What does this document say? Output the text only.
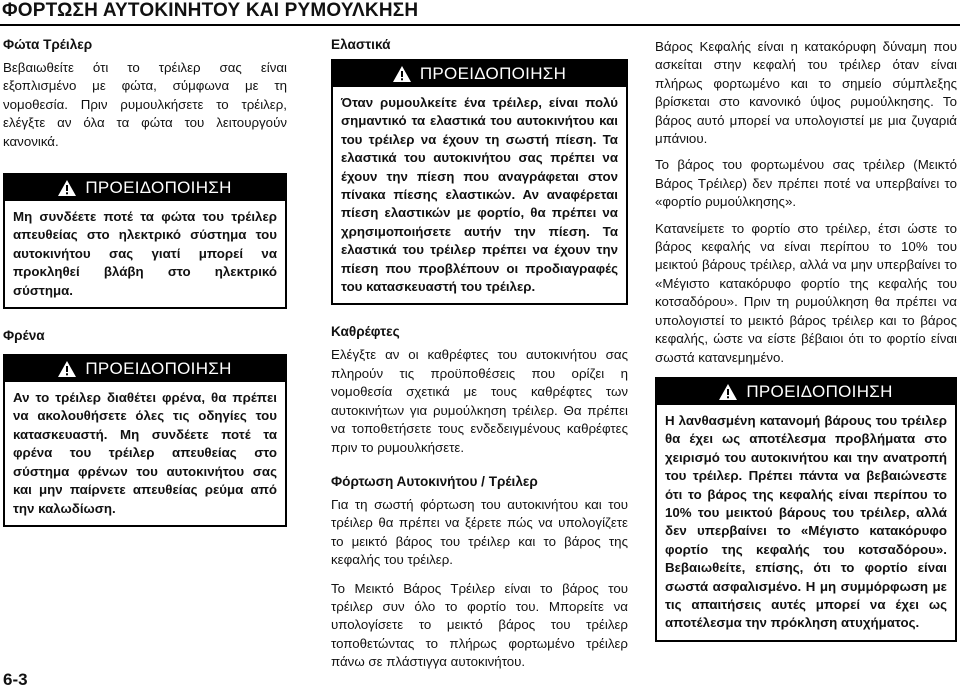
ΦΟΡΤΩΣΗ ΑΥΤΟΚΙΝΗΤΟΥ ΚΑΙ ΡΥΜΟΥΛΚΗΣΗ
Φώτα Τρέιλερ

Βεβαιωθείτε ότι το τρέιλερ σας είναι εξοπλισμένο με φώτα, σύμφωνα με τη νομοθεσία. Πριν ρυμουλκήσετε το τρέιλερ, ελέγξτε αν όλα τα φώτα του λειτουργούν κανονικά.

ΠΡΟΕΙΔΟΠΟΙΗΣΗ

Μη συνδέετε ποτέ τα φώτα του τρέιλερ απευθείας στο ηλεκτρικό σύστημα του αυτοκινήτου σας γιατί μπορεί να προκληθεί βλάβη στο ηλεκτρικό σύστημα.

Φρένα
ΠΡΟΕΙΔΟΠΟΙΗΣΗ

Αν το τρέιλερ διαθέτει φρένα, θα πρέπει να ακολουθήσετε όλες τις οδηγίες του κατασκευαστή. Μη συνδέετε ποτέ τα φρένα του τρέιλερ απευθείας στο σύστημα φρένων του αυτοκινήτου σας και μην παίρνετε απευθείας ρεύμα από την καλωδίωση.

Ελαστικά
ΠΡΟΕΙΔΟΠΟΙΗΣΗ

Όταν ρυμουλκείτε ένα τρέιλερ, είναι πολύ σημαντικό τα ελαστικά του αυτοκινήτου και του τρέιλερ να έχουν τη σωστή πίεση. Τα ελαστικά του αυτοκινήτου σας πρέπει να έχουν την πίεση που αναγράφεται στον πίνακα πίεσης ελαστικών. Αν αναφέρεται πίεση ελαστικών με φορτίο, θα πρέπει να χρησιμοποιήσετε αυτήν την πίεση. Τα ελαστικά του τρέιλερ πρέπει να έχουν την πίεση που προβλέπουν οι προδιαγραφές του κατασκευαστή του τρέιλερ.

Καθρέφτες

Ελέγξτε αν οι καθρέφτες του αυτοκινήτου σας πληρούν τις προϋποθέσεις που ορίζει η νομοθεσία σχετικά με τους καθρέφτες των αυτοκινήτων για ρυμούλκηση τρέιλερ. Θα πρέπει να τοποθετήσετε τους ενδεδειγμένους καθρέφτες πριν το ρυμουλκήσετε.

Φόρτωση Αυτοκινήτου / Τρέιλερ

Για τη σωστή φόρτωση του αυτοκινήτου και του τρέιλερ θα πρέπει να ξέρετε πώς να υπολογίζετε το μεικτό βάρος του τρέιλερ και το βάρος της κεφαλής του τρέιλερ.

Το Μεικτό Βάρος Τρέιλερ είναι το βάρος του τρέιλερ συν όλο το φορτίο του. Μπορείτε να υπολογίσετε το μεικτό βάρος του τρέιλερ τοποθετώντας το πλήρως φορτωμένο τρέιλερ πάνω σε πλάστιγγα αυτοκινήτου.

Βάρος Κεφαλής είναι η κατακόρυφη δύναμη που ασκείται στην κεφαλή του τρέιλερ όταν είναι πλήρως φορτωμένο και το σημείο σύμπλεξης βρίσκεται στο κανονικό ύψος ρυμούλκησης. Το βάρος αυτό μπορεί να υπολογιστεί με μια ζυγαριά μπάνιου.

Το βάρος του φορτωμένου σας τρέιλερ (Μεικτό Βάρος Τρέιλερ) δεν πρέπει ποτέ να υπερβαίνει το «φορτίο ρυμούλκησης».

Κατανείμετε το φορτίο στο τρέιλερ, έτσι ώστε το βάρος κεφαλής να είναι περίπου το 10% του μεικτού βάρους τρέιλερ, αλλά να μην υπερβαίνει το «Μέγιστο κατακόρυφο φορτίο της κεφαλής του κοτσαδόρου». Πριν τη ρυμούλκηση θα πρέπει να υπολογιστεί το μεικτό βάρος τρέιλερ και το βάρος κεφαλής, ώστε να είστε βέβαιοι ότι το φορτίο είναι σωστά κατανεμημένο.

ΠΡΟΕΙΔΟΠΟΙΗΣΗ

Η λανθασμένη κατανομή βάρους του τρέιλερ θα έχει ως αποτέλεσμα προβλήματα στο χειρισμό του αυτοκινήτου και την ανατροπή του τρέιλερ. Πρέπει πάντα να βεβαιώνεστε ότι το βάρος της κεφαλής είναι περίπου το 10% του μεικτού βάρους του τρέιλερ, αλλά δεν υπερβαίνει το «Μέγιστο κατακόρυφο φορτίο της κεφαλής του κοτσαδόρου». Βεβαιωθείτε, επίσης, ότι το φορτίο είναι σωστά ασφαλισμένο. Η μη συμμόρφωση με τις απαιτήσεις αυτές μπορεί να έχει ως αποτέλεσμα την πρόκληση ατυχήματος.

6-3
